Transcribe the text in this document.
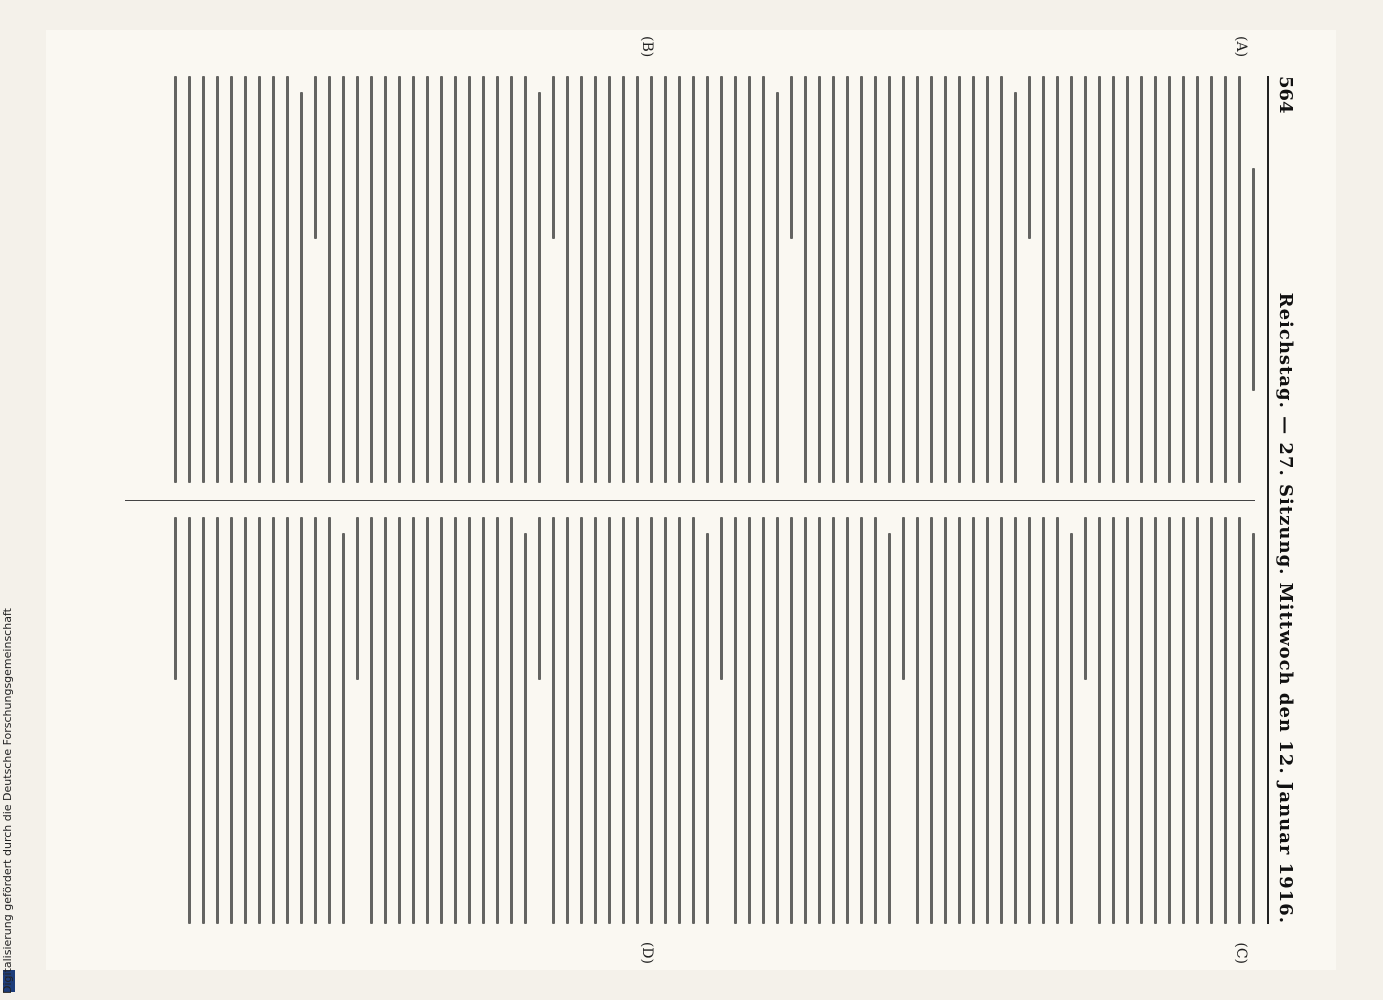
564
Reichstag. — 27. Sitzung. Mittwoch den 12. Januar 1916.
(A)
(B)
(C)
(D)
Digitalisierung gefördert durch die Deutsche Forschungsgemeinschaft
